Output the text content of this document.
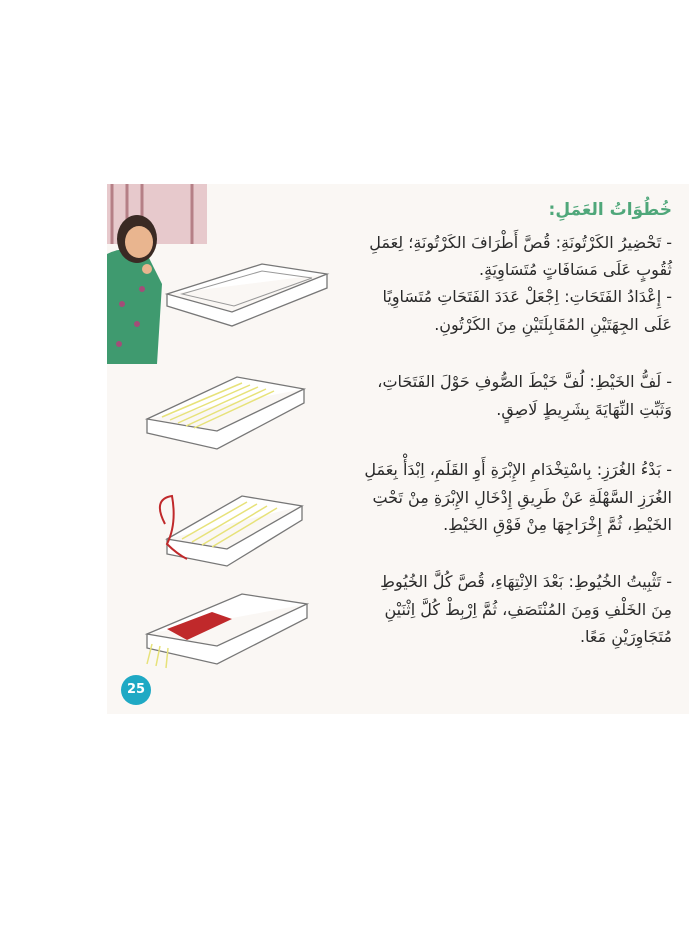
خُطُوَاتُ العَمَلِ:
- تَحْضِيرُ الكَرْتُونَةِ: قُصَّ أَطْرَافَ الكَرْتُونَةِ؛ لِعَمَلِ
ثُقُوبٍ عَلَى مَسَافَاتٍ مُتَسَاوِيَةٍ.
- إِعْدَادُ الفَتَحَاتِ: اِجْعَلْ عَدَدَ الفَتَحَاتِ مُتَسَاوِيًا
عَلَى الجِهَتَيْنِ المُقَابِلَتَيْنِ مِنَ الكَرْتُونِ.
- لَفُّ الخَيْطِ: لُفَّ خَيْطَ الصُّوفِ حَوْلَ الفَتَحَاتِ،
وَثَبِّتِ النِّهَايَةَ بِشَرِيطٍ لَاصِقٍ.
- بَدْءُ الغُرَزِ: بِاسْتِخْدَامِ الإِبْرَةِ أَوِ القَلَمِ، اِبْدَأْ بِعَمَلِ
الغُرَزِ السَّهْلَةِ عَنْ طَرِيقِ إِدْخَالِ الإِبْرَةِ مِنْ تَحْتِ
الخَيْطِ، ثُمَّ إِخْرَاجِهَا مِنْ فَوْقِ الخَيْطِ.
- تَثْبِيتُ الخُيُوطِ: بَعْدَ الاِنْتِهَاءِ، قُصَّ كُلَّ الخُيُوطِ
مِنَ الخَلْفِ وَمِنَ المُنْتَصَفِ، ثُمَّ اِرْبِطْ كُلَّ اِثْنَيْنِ
مُتَجَاوِرَيْنِ مَعًا.
25
